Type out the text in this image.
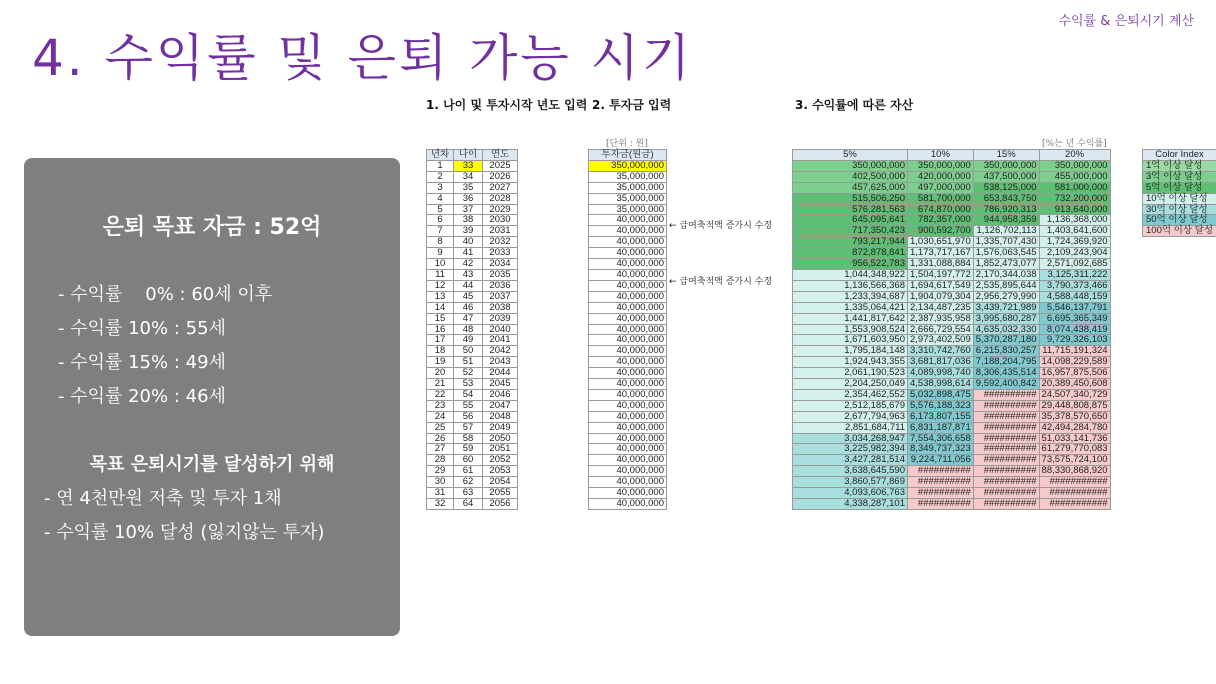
수익률 & 은퇴시기 계산
4. 수익률 및 은퇴 가능 시기
은퇴 목표 자금 : 52억
- 수익률    0% : 60세 이후
- 수익률 10% : 55세
- 수익률 15% : 49세
- 수익률 20% : 46세
목표 은퇴시기를 달성하기 위해
- 연 4천만원 저축 및 투자 1채
- 수익률 10% 달성 (잃지않는 투자)
1. 나이 및 투자시작 년도 입력 2. 투자금 입력	3. 수익률에 따른 자산
[단위 : 원]	[%는 년 수익률]
년차	나이	연도
1	33	2025
2	34	2026
3	35	2027
4	36	2028
5	37	2029
6	38	2030
7	39	2031
8	40	2032
9	41	2033
10	42	2034
11	43	2035
12	44	2036
13	45	2037
14	46	2038
15	47	2039
16	48	2040
17	49	2041
18	50	2042
19	51	2043
20	52	2044
21	53	2045
22	54	2046
23	55	2047
24	56	2048
25	57	2049
26	58	2050
27	59	2051
28	60	2052
29	61	2053
30	62	2054
31	63	2055
32	64	2056
투자금(원금)
350,000,000
35,000,000
35,000,000
35,000,000
35,000,000
40,000,000
40,000,000
40,000,000
40,000,000
40,000,000
40,000,000
40,000,000
40,000,000
40,000,000
40,000,000
40,000,000
40,000,000
40,000,000
40,000,000
40,000,000
40,000,000
40,000,000
40,000,000
40,000,000
40,000,000
40,000,000
40,000,000
40,000,000
40,000,000
40,000,000
40,000,000
40,000,000
← 급여축적액 증가시 수정
← 급여축적액 증가시 수정
5%	10%	15%	20%
350,000,000	350,000,000	350,000,000	350,000,000
402,500,000	420,000,000	437,500,000	455,000,000
457,625,000	497,000,000	538,125,000	581,000,000
515,506,250	581,700,000	653,843,750	732,200,000
576,281,563	674,870,000	786,920,313	913,640,000
645,095,641	782,357,000	944,958,359	1,136,368,000
717,350,423	900,592,700	1,126,702,113	1,403,641,600
793,217,944	1,030,651,970	1,335,707,430	1,724,369,920
872,878,841	1,173,717,167	1,576,063,545	2,109,243,904
956,522,783	1,331,088,884	1,852,473,077	2,571,092,685
1,044,348,922	1,504,197,772	2,170,344,038	3,125,311,222
1,136,566,368	1,694,617,549	2,535,895,644	3,790,373,466
1,233,394,687	1,904,079,304	2,956,279,990	4,588,448,159
1,335,064,421	2,134,487,235	3,439,721,989	5,546,137,791
1,441,817,642	2,387,935,958	3,995,680,287	6,695,365,349
1,553,908,524	2,666,729,554	4,635,032,330	8,074,438,419
1,671,603,950	2,973,402,509	5,370,287,180	9,729,326,103
1,795,184,148	3,310,742,760	6,215,830,257	11,715,191,324
1,924,943,355	3,681,817,036	7,188,204,795	14,098,229,589
2,061,190,523	4,089,998,740	8,306,435,514	16,957,875,506
2,204,250,049	4,538,998,614	9,592,400,842	20,389,450,608
2,354,462,552	5,032,898,475	##########	24,507,340,729
2,512,185,679	5,576,188,323	##########	29,448,808,875
2,677,794,963	6,173,807,155	##########	35,378,570,650
2,851,684,711	6,831,187,871	##########	42,494,284,780
3,034,268,947	7,554,306,658	##########	51,033,141,736
3,225,982,394	8,349,737,323	##########	61,279,770,083
3,427,281,514	9,224,711,056	##########	73,575,724,100
3,638,645,590	##########	##########	88,330,868,920
3,860,577,869	##########	##########	###########
4,093,606,763	##########	##########	###########
4,338,287,101	##########	##########	###########
Color Index
1억 이상 달성
3억 이상 달성
5억 이상 달성
10억 이상 달성
30억 이상 달성
50억 이상 달성
100억 이상 달성
